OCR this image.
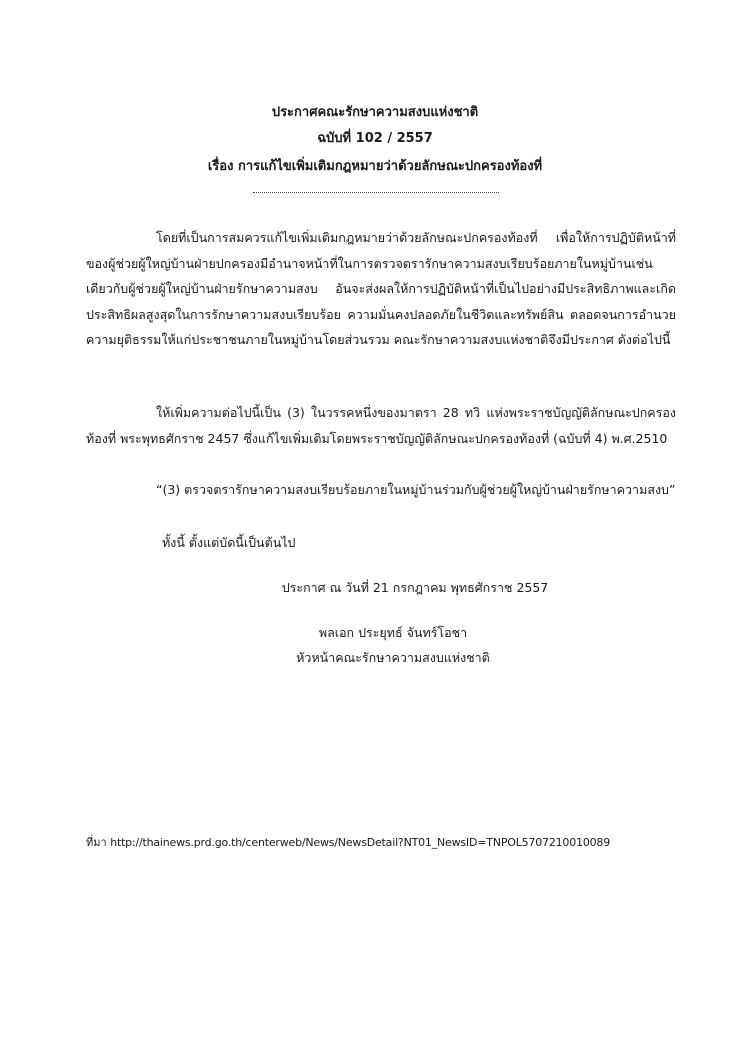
ประกาศคณะรักษาความสงบแห่งชาติ
ฉบับที่ 102 / 2557
เรื่อง การแก้ไขเพิ่มเติมกฎหมายว่าด้วยลักษณะปกครองท้องที่
โดยที่เป็นการสมควรแก้ไขเพิ่มเติมกฎหมายว่าด้วยลักษณะปกครองท้องที่ เพื่อให้การปฏิบัติหน้าที่ของผู้ช่วยผู้ใหญ่บ้านฝ่ายปกครองมีอำนาจหน้าที่ในการตรวจตรารักษาความสงบเรียบร้อยภายในหมู่บ้านเช่นเดียวกับผู้ช่วยผู้ใหญ่บ้านฝ่ายรักษาความสงบ อันจะส่งผลให้การปฏิบัติหน้าที่เป็นไปอย่างมีประสิทธิภาพและเกิดประสิทธิผลสูงสุดในการรักษาความสงบเรียบร้อย ความมั่นคงปลอดภัยในชีวิตและทรัพย์สิน ตลอดจนการอำนวยความยุติธรรมให้แก่ประชาชนภายในหมู่บ้านโดยส่วนรวม คณะรักษาความสงบแห่งชาติจึงมีประกาศ ดังต่อไปนี้
ให้เพิ่มความต่อไปนี้เป็น (3) ในวรรคหนึ่งของมาตรา 28 ทวิ แห่งพระราชบัญญัติลักษณะปกครองท้องที่ พระพุทธศักราช 2457 ซึ่งแก้ไขเพิ่มเติมโดยพระราชบัญญัติลักษณะปกครองท้องที่ (ฉบับที่ 4) พ.ศ.2510
“(3) ตรวจตรารักษาความสงบเรียบร้อยภายในหมู่บ้านร่วมกับผู้ช่วยผู้ใหญ่บ้านฝ่ายรักษาความสงบ”
ทั้งนี้ ตั้งแต่บัดนี้เป็นต้นไป
ประกาศ ณ วันที่ 21 กรกฎาคม พุทธศักราช 2557
พลเอก ประยุทธ์ จันทร์โอชา
หัวหน้าคณะรักษาความสงบแห่งชาติ
ที่มา http://thainews.prd.go.th/centerweb/News/NewsDetail?NT01_NewsID=TNPOL5707210010089
